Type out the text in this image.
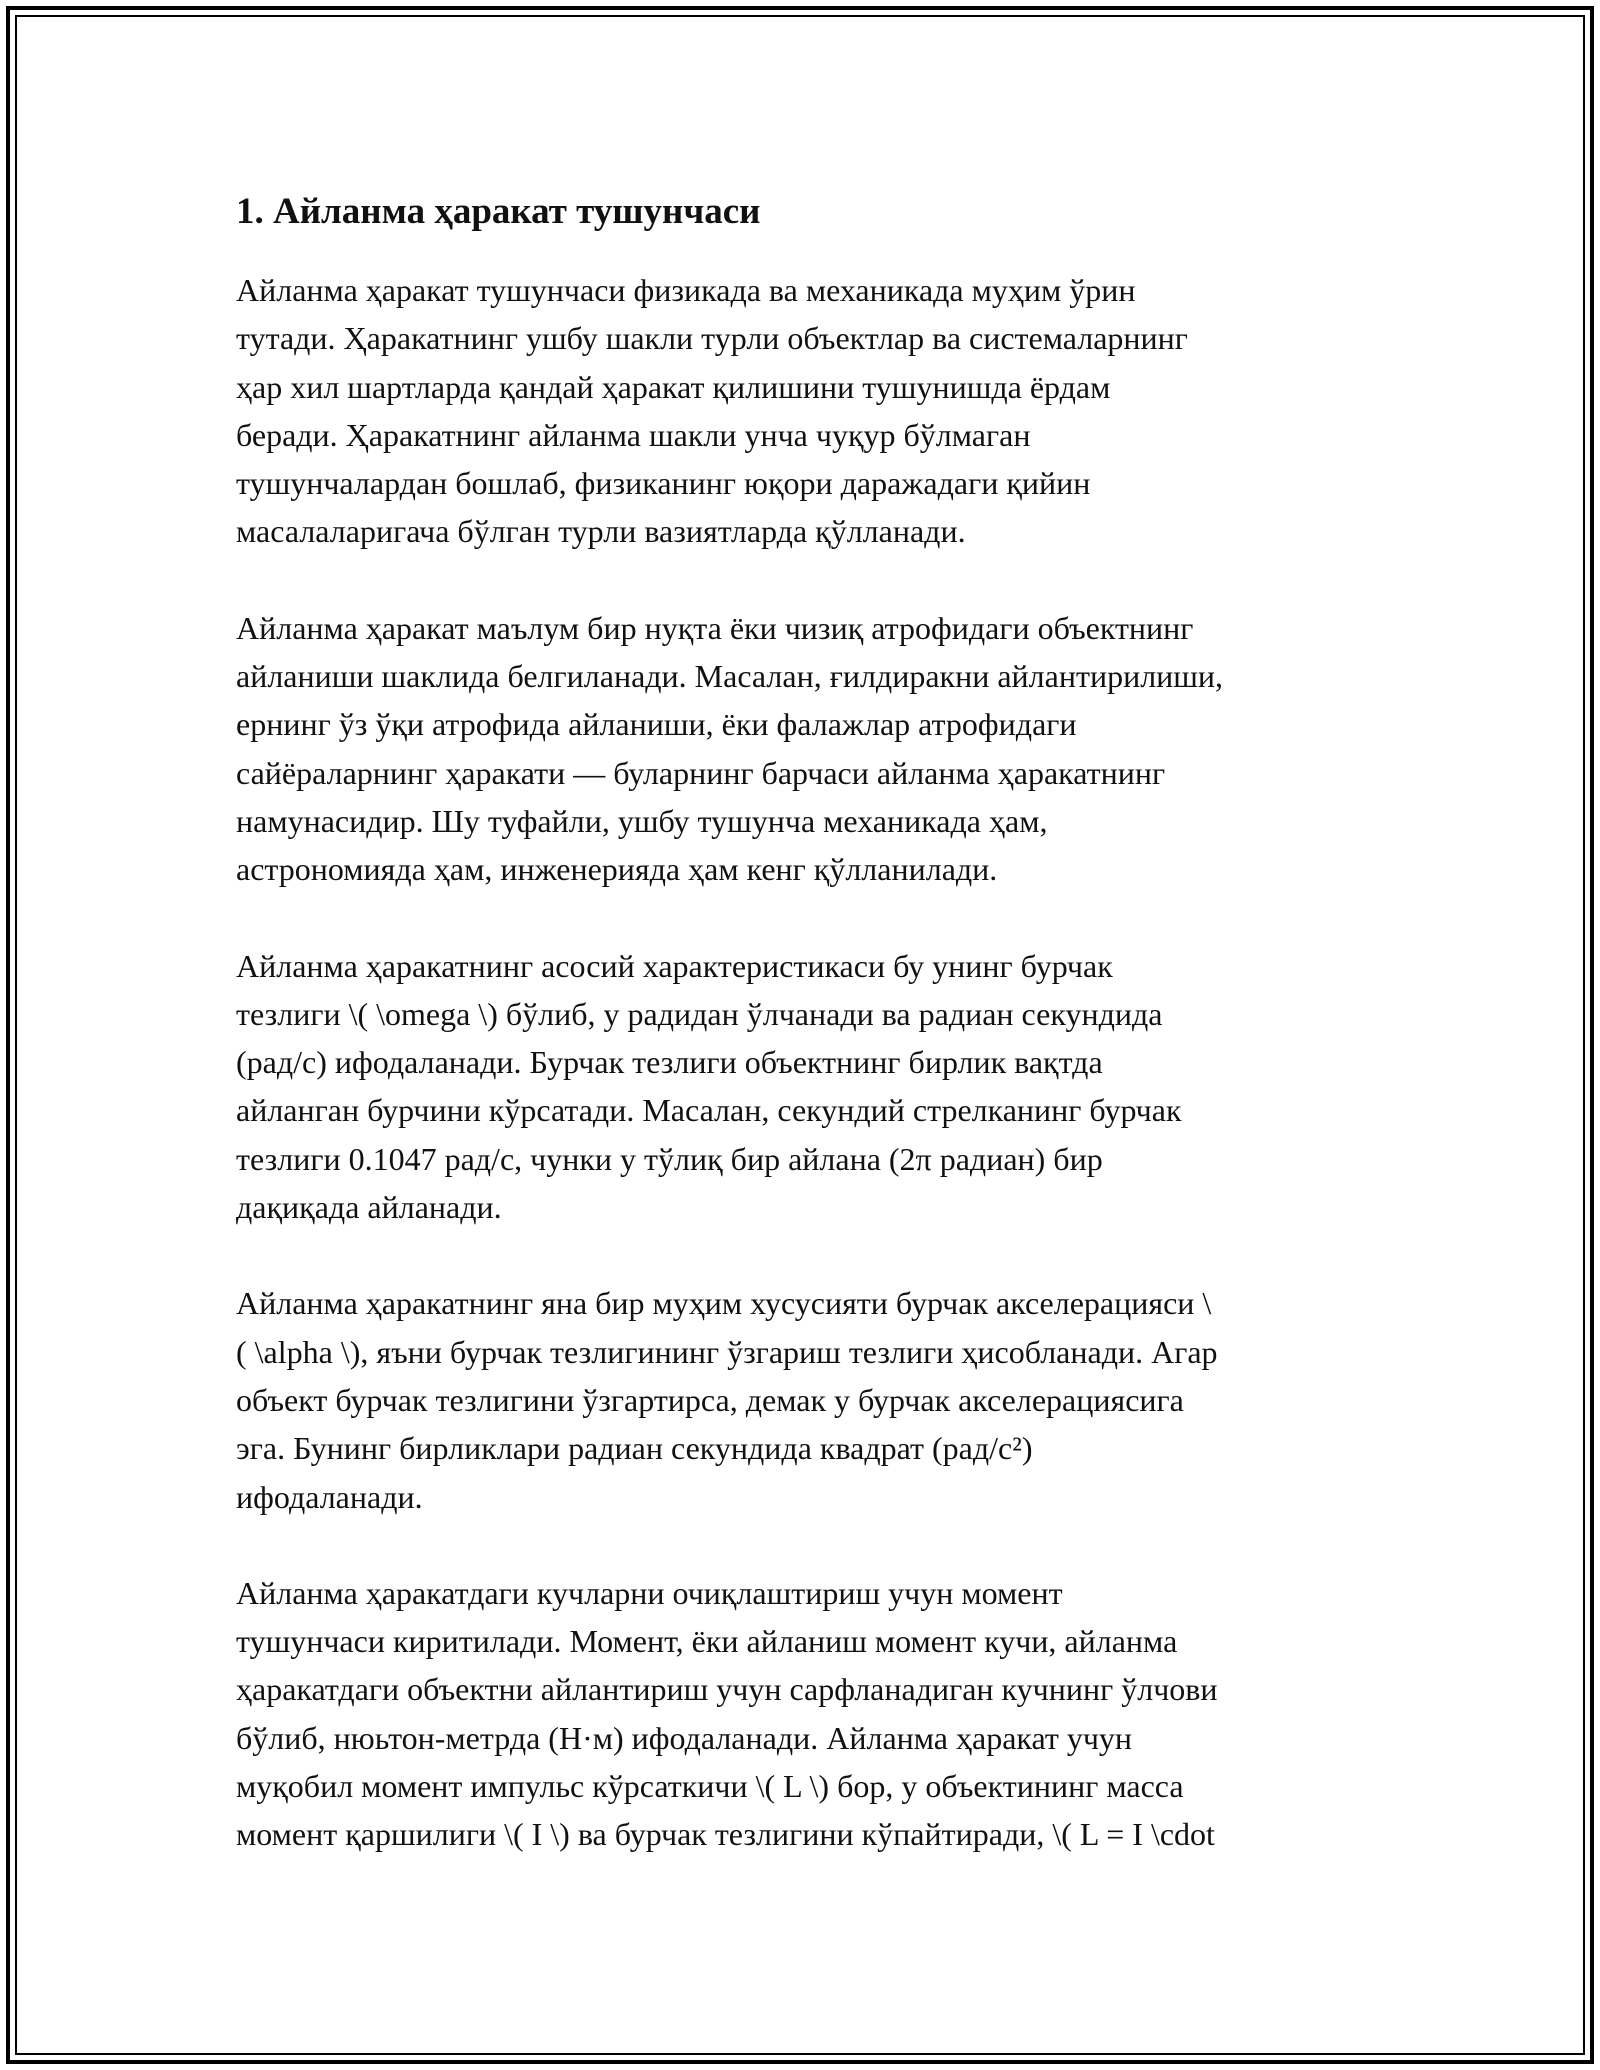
1. Айланма ҳаракат тушунчаси
Айланма ҳаракат тушунчаси физикада ва механикада муҳим ўрин
тутади. Ҳаракатнинг ушбу шакли турли объектлар ва системаларнинг
ҳар хил шартларда қандай ҳаракат қилишини тушунишда ёрдам
беради. Ҳаракатнинг айланма шакли унча чуқур бўлмаган
тушунчалардан бошлаб, физиканинг юқори даражадаги қийин
масалаларигача бўлган турли вазиятларда қўлланади.
Айланма ҳаракат маълум бир нуқта ёки чизиқ атрофидаги объектнинг
айланиши шаклида белгиланади. Масалан, ғилдиракни айлантирилиши,
ернинг ўз ўқи атрофида айланиши, ёки фалажлар атрофидаги
сайёраларнинг ҳаракати — буларнинг барчаси айланма ҳаракатнинг
намунасидир. Шу туфайли, ушбу тушунча механикада ҳам,
астрономияда ҳам, инженерияда ҳам кенг қўлланилади.
Айланма ҳаракатнинг асосий характеристикаси бу унинг бурчак
тезлиги \( \omega \) бўлиб, у радидан ўлчанади ва радиан секундида
(рад/с) ифодаланади. Бурчак тезлиги объектнинг бирлик вақтда
айланган бурчини кўрсатади. Масалан, секундий стрелканинг бурчак
тезлиги 0.1047 рад/с, чунки у тўлиқ бир айлана (2π радиан) бир
дақиқада айланади.
Айланма ҳаракатнинг яна бир муҳим хусусияти бурчак акселерацияси \
( \alpha \), яъни бурчак тезлигининг ўзгариш тезлиги ҳисобланади. Агар
объект бурчак тезлигини ўзгартирса, демак у бурчак акселерациясига
эга. Бунинг бирликлари радиан секундида квадрат (рад/с²)
ифодаланади.
Айланма ҳаракатдаги кучларни очиқлаштириш учун момент
тушунчаси киритилади. Момент, ёки айланиш момент кучи, айланма
ҳаракатдаги объектни айлантириш учун сарфланадиган кучнинг ўлчови
бўлиб, нюьтон-метрда (Н·м) ифодаланади. Айланма ҳаракат учун
муқобил момент импульс кўрсаткичи \( L \) бор, у объектининг масса
момент қаршилиги \( I \) ва бурчак тезлигини кўпайтиради, \( L = I \cdot
